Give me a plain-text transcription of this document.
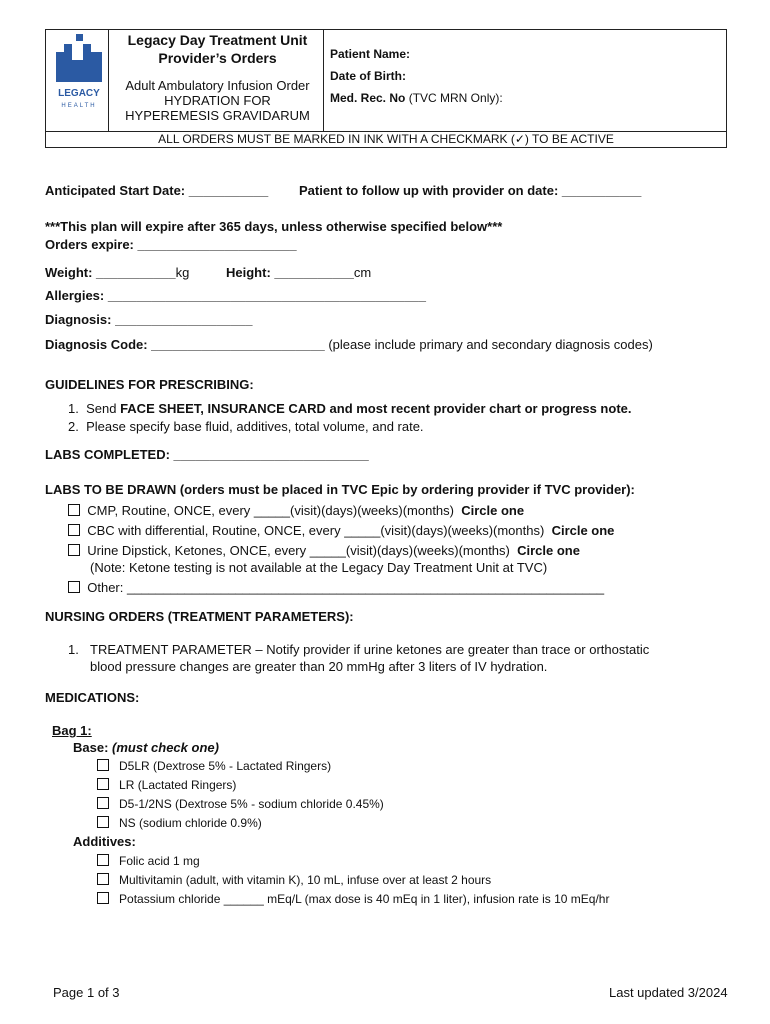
LEGACY
HEALTH
Legacy Day Treatment Unit
Provider’s Orders
Adult Ambulatory Infusion Order
HYDRATION FOR
HYPEREMESIS GRAVIDARUM
Patient Name:
Date of Birth:
Med. Rec. No (TVC MRN Only):
ALL ORDERS MUST BE MARKED IN INK WITH A CHECKMARK (✓) TO BE ACTIVE
Anticipated Start Date: ___________ Patient to follow up with provider on date: ___________
***This plan will expire after 365 days, unless otherwise specified below***
Orders expire: ______________________
Weight: ___________kg	Height: ___________cm
Allergies: ____________________________________________
Diagnosis: ___________________
Diagnosis Code: ________________________ (please include primary and secondary diagnosis codes)
GUIDELINES FOR PRESCRIBING:
1. Send FACE SHEET, INSURANCE CARD and most recent provider chart or progress note.
2. Please specify base fluid, additives, total volume, and rate.
LABS COMPLETED: ___________________________
LABS TO BE DRAWN (orders must be placed in TVC Epic by ordering provider if TVC provider):
CMP, Routine, ONCE, every _____(visit)(days)(weeks)(months) Circle one
CBC with differential, Routine, ONCE, every _____(visit)(days)(weeks)(months) Circle one
Urine Dipstick, Ketones, ONCE, every _____(visit)(days)(weeks)(months) Circle one
(Note: Ketone testing is not available at the Legacy Day Treatment Unit at TVC)
Other: __________________________________________________________________
NURSING ORDERS (TREATMENT PARAMETERS):
1. TREATMENT PARAMETER – Notify provider if urine ketones are greater than trace or orthostatic
blood pressure changes are greater than 20 mmHg after 3 liters of IV hydration.
MEDICATIONS:
Bag 1:
Base: (must check one)
D5LR (Dextrose 5% - Lactated Ringers)
LR (Lactated Ringers)
D5-1/2NS (Dextrose 5% - sodium chloride 0.45%)
NS (sodium chloride 0.9%)
Additives:
Folic acid 1 mg
Multivitamin (adult, with vitamin K), 10 mL, infuse over at least 2 hours
Potassium chloride ______ mEq/L (max dose is 40 mEq in 1 liter), infusion rate is 10 mEq/hr
Page 1 of 3	Last updated 3/2024
